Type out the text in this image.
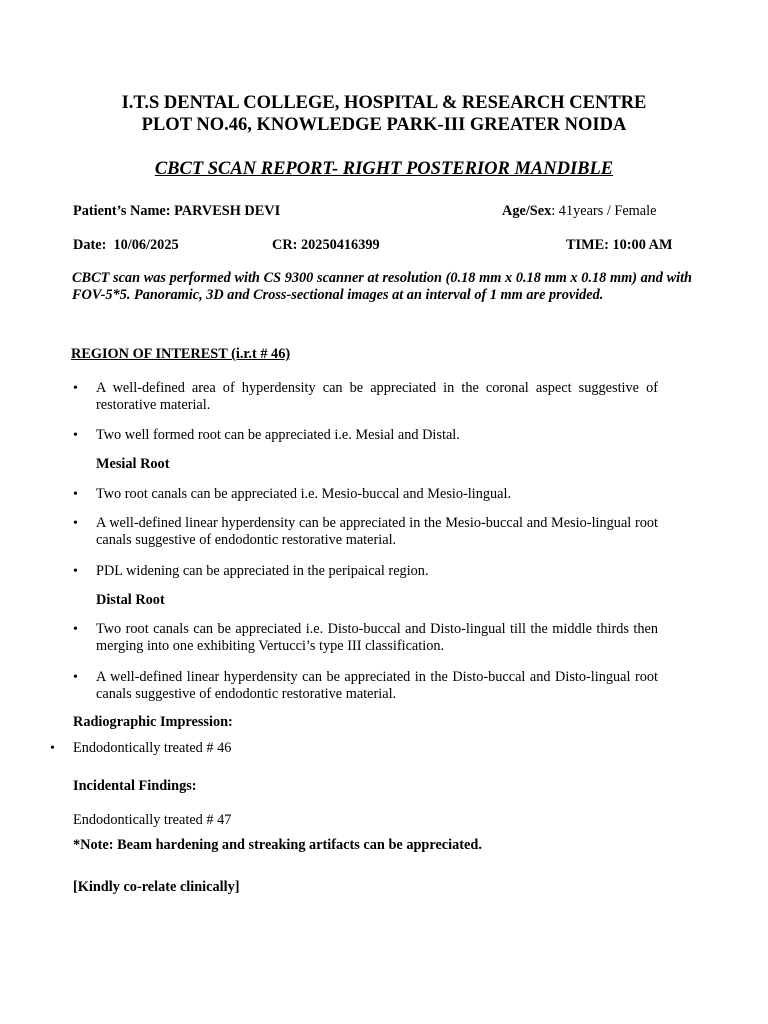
I.T.S DENTAL COLLEGE, HOSPITAL & RESEARCH CENTRE
PLOT NO.46, KNOWLEDGE PARK-III GREATER NOIDA
CBCT SCAN REPORT- RIGHT POSTERIOR MANDIBLE
Patient’s Name: PARVESH DEVI	Age/Sex: 41years / Female
Date: 10/06/2025	CR: 20250416399	TIME: 10:00 AM
CBCT scan was performed with CS 9300 scanner at resolution (0.18 mm x 0.18 mm x 0.18 mm) and with FOV-5*5. Panoramic, 3D and Cross-sectional images at an interval of 1 mm are provided.
REGION OF INTEREST (i.r.t # 46)
• A well-defined area of hyperdensity can be appreciated in the coronal aspect suggestive of restorative material.
• Two well formed root can be appreciated i.e. Mesial and Distal.
Mesial Root
• Two root canals can be appreciated i.e. Mesio-buccal and Mesio-lingual.
• A well-defined linear hyperdensity can be appreciated in the Mesio-buccal and Mesio-lingual root canals suggestive of endodontic restorative material.
• PDL widening can be appreciated in the peripaical region.
Distal Root
• Two root canals can be appreciated i.e. Disto-buccal and Disto-lingual till the middle thirds then merging into one exhibiting Vertucci’s type III classification.
• A well-defined linear hyperdensity can be appreciated in the Disto-buccal and Disto-lingual root canals suggestive of endodontic restorative material.
Radiographic Impression:
• Endodontically treated # 46
Incidental Findings:
Endodontically treated # 47
*Note: Beam hardening and streaking artifacts can be appreciated.
[Kindly co-relate clinically]
